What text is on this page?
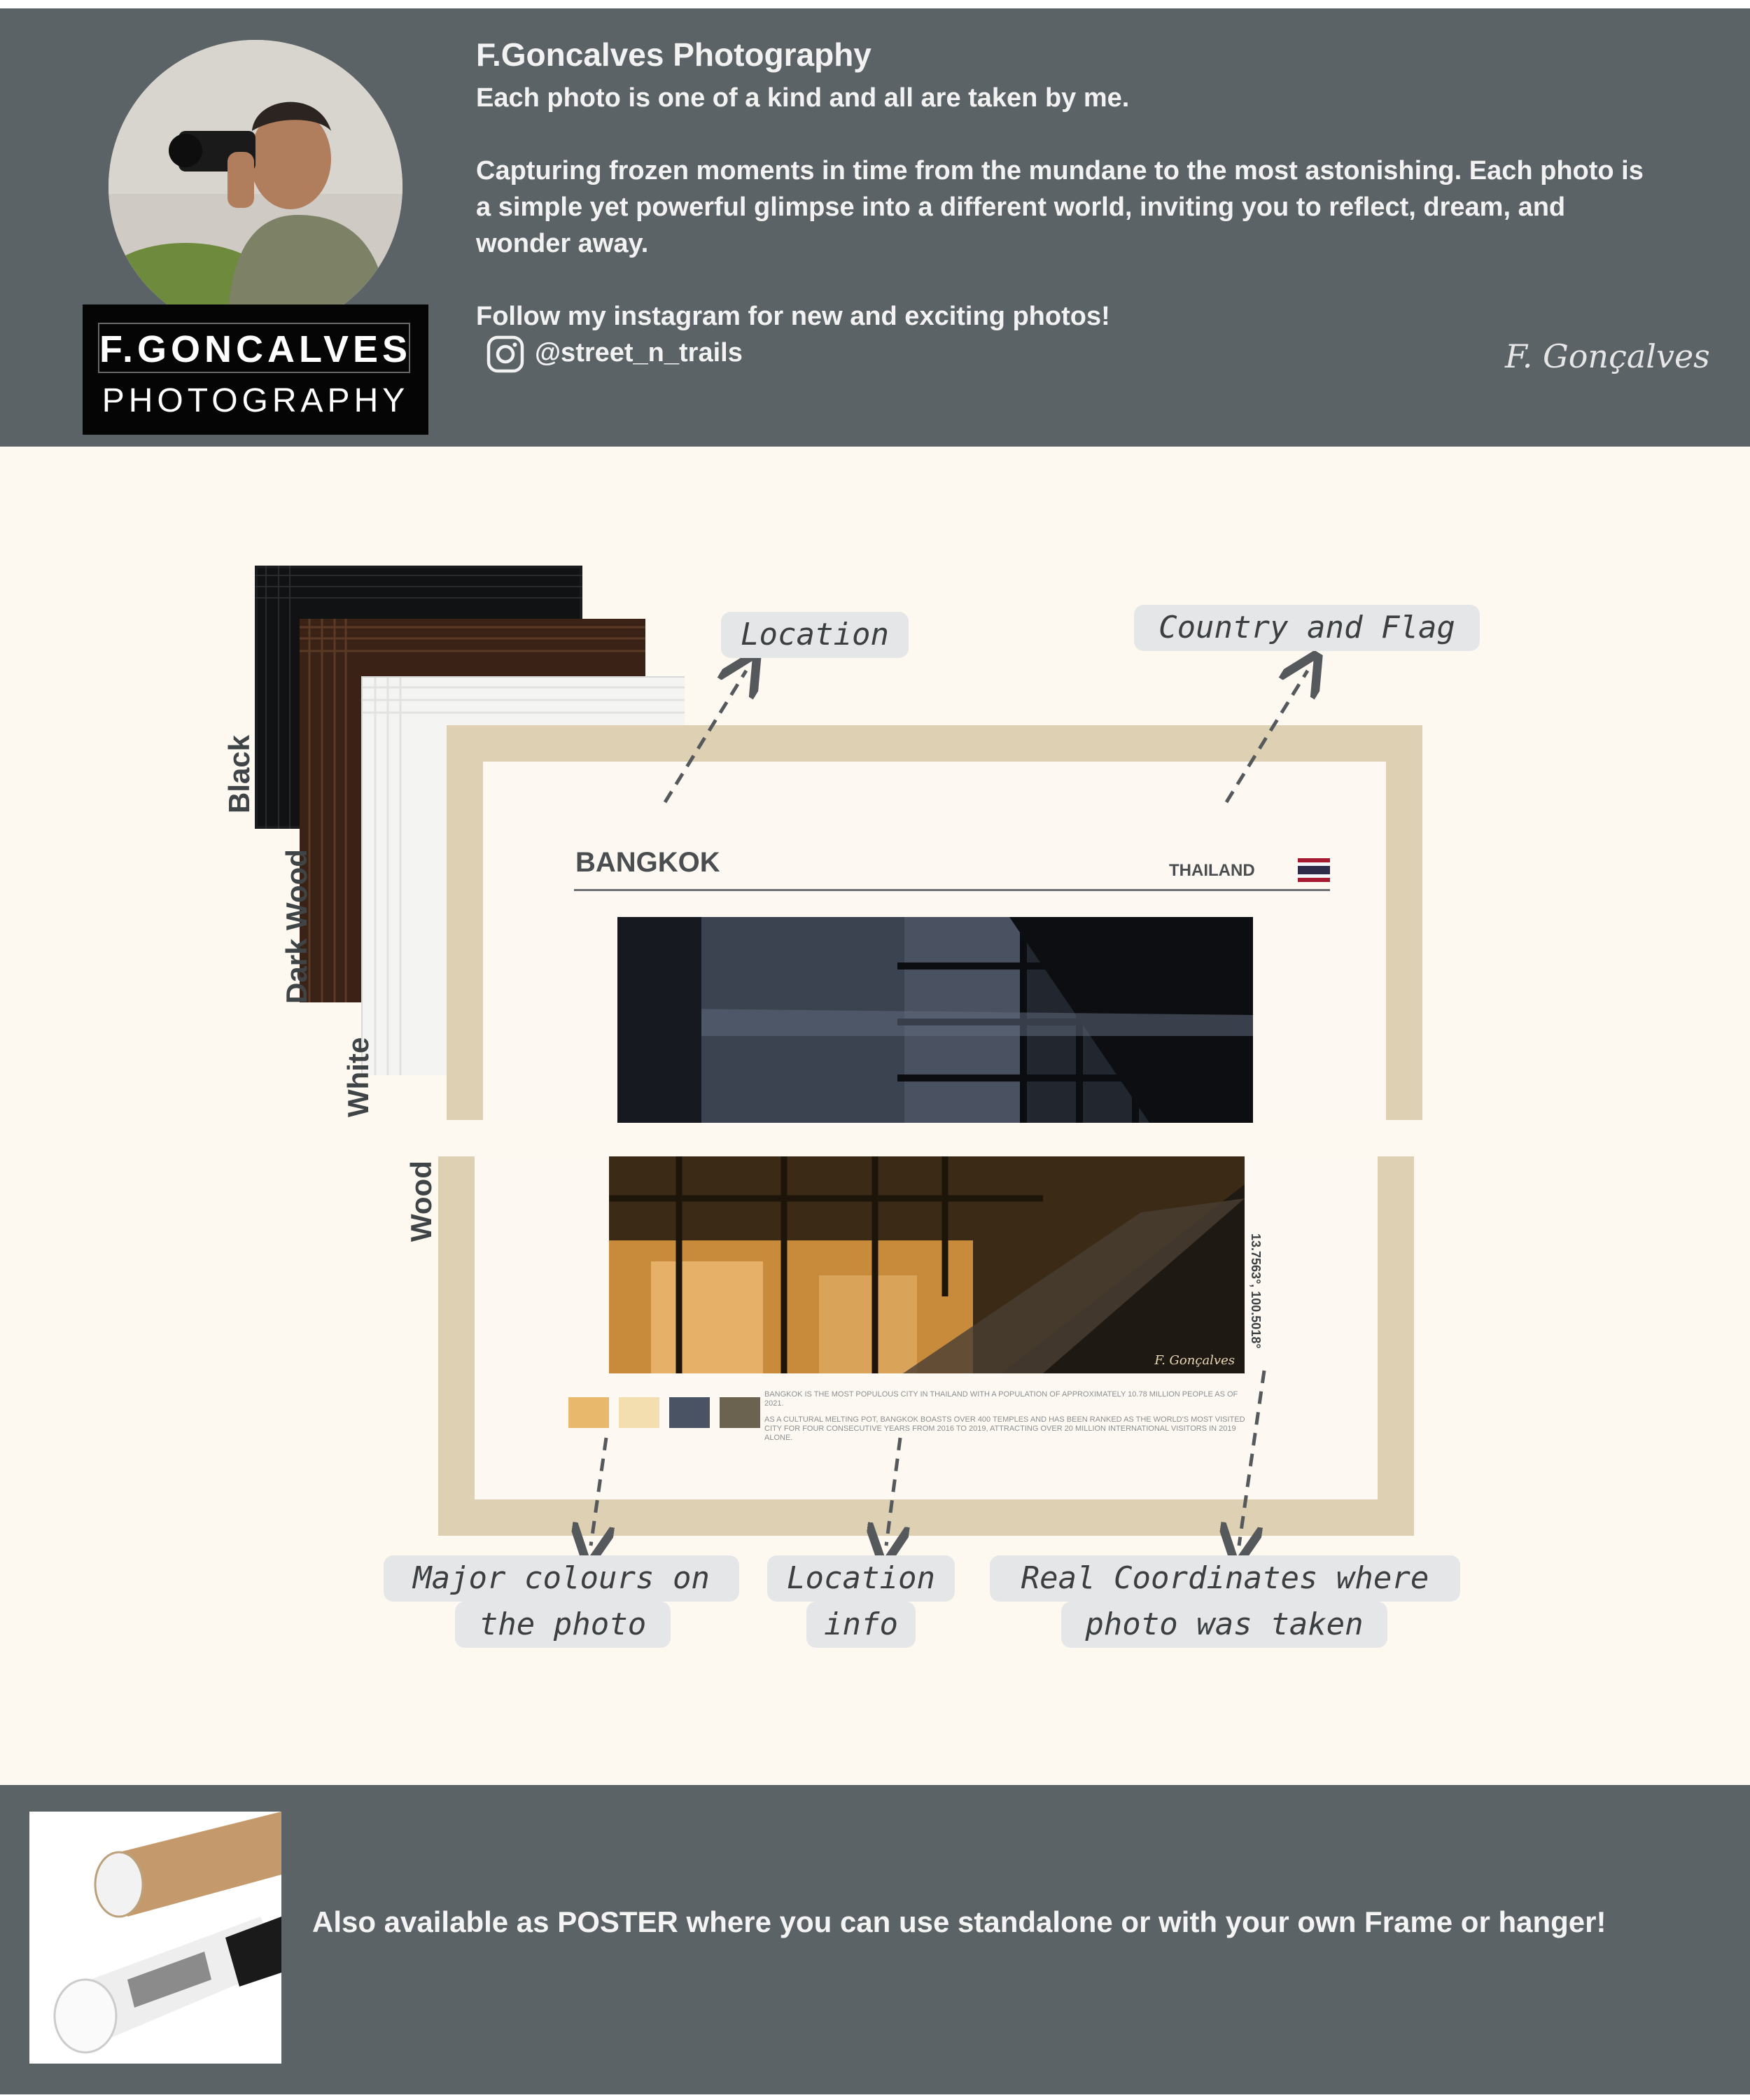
F.GONCALVES
PHOTOGRAPHY
F.Goncalves Photography
Each photo is one of a kind and all are taken by me.
Capturing frozen moments in time from the mundane to the most astonishing. Each photo is a simple yet powerful glimpse into a different world, inviting you to reflect, dream, and wonder away.
Follow my instagram for new and exciting photos!
@street_n_trails	F. Gonçalves
Black
Dark Wood
White
Wood
BANGKOK	THAILAND
F. Gonçalves
13.7563°, 100.5018°
BANGKOK IS THE MOST POPULOUS CITY IN THAILAND WITH A POPULATION OF APPROXIMATELY 10.78 MILLION PEOPLE AS OF 2021.
AS A CULTURAL MELTING POT, BANGKOK BOASTS OVER 400 TEMPLES AND HAS BEEN RANKED AS THE WORLD'S MOST VISITED CITY FOR FOUR CONSECUTIVE YEARS FROM 2016 TO 2019, ATTRACTING OVER 20 MILLION INTERNATIONAL VISITORS IN 2019 ALONE.
Location	Country and Flag
Major colours on
the photo
Location
info
Real Coordinates where
photo was taken
Also available as POSTER where you can use standalone or with your own Frame or hanger!
